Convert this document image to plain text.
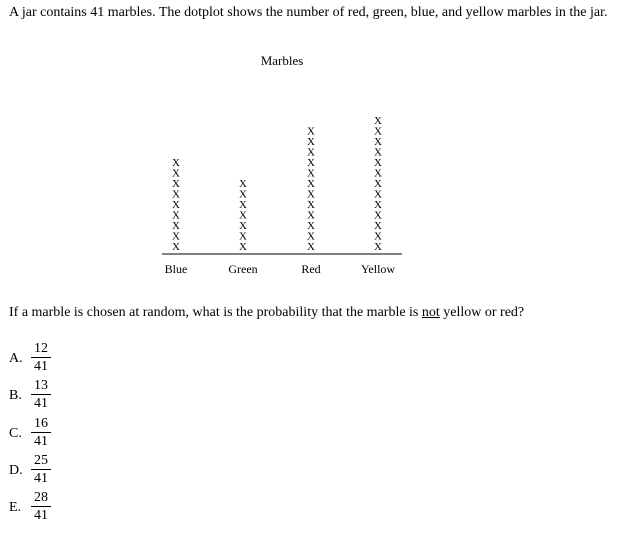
A jar contains 41 marbles. The dotplot shows the number of red, green, blue, and yellow marbles in the jar.
Marbles
X
X
X
X
X
X
X
X
X
X
X
X
X
X
X
X
X
X
X
X
X
X
X
X
X
X
X
X
X
X
X
X
X
X
X
X
X
X
X
X
X
Blue	Green	Red	Yellow
If a marble is chosen at random, what is the probability that the marble is not yellow or red?
A.
12
41
B.
13
41
C.
16
41
D.
25
41
E.
28
41
